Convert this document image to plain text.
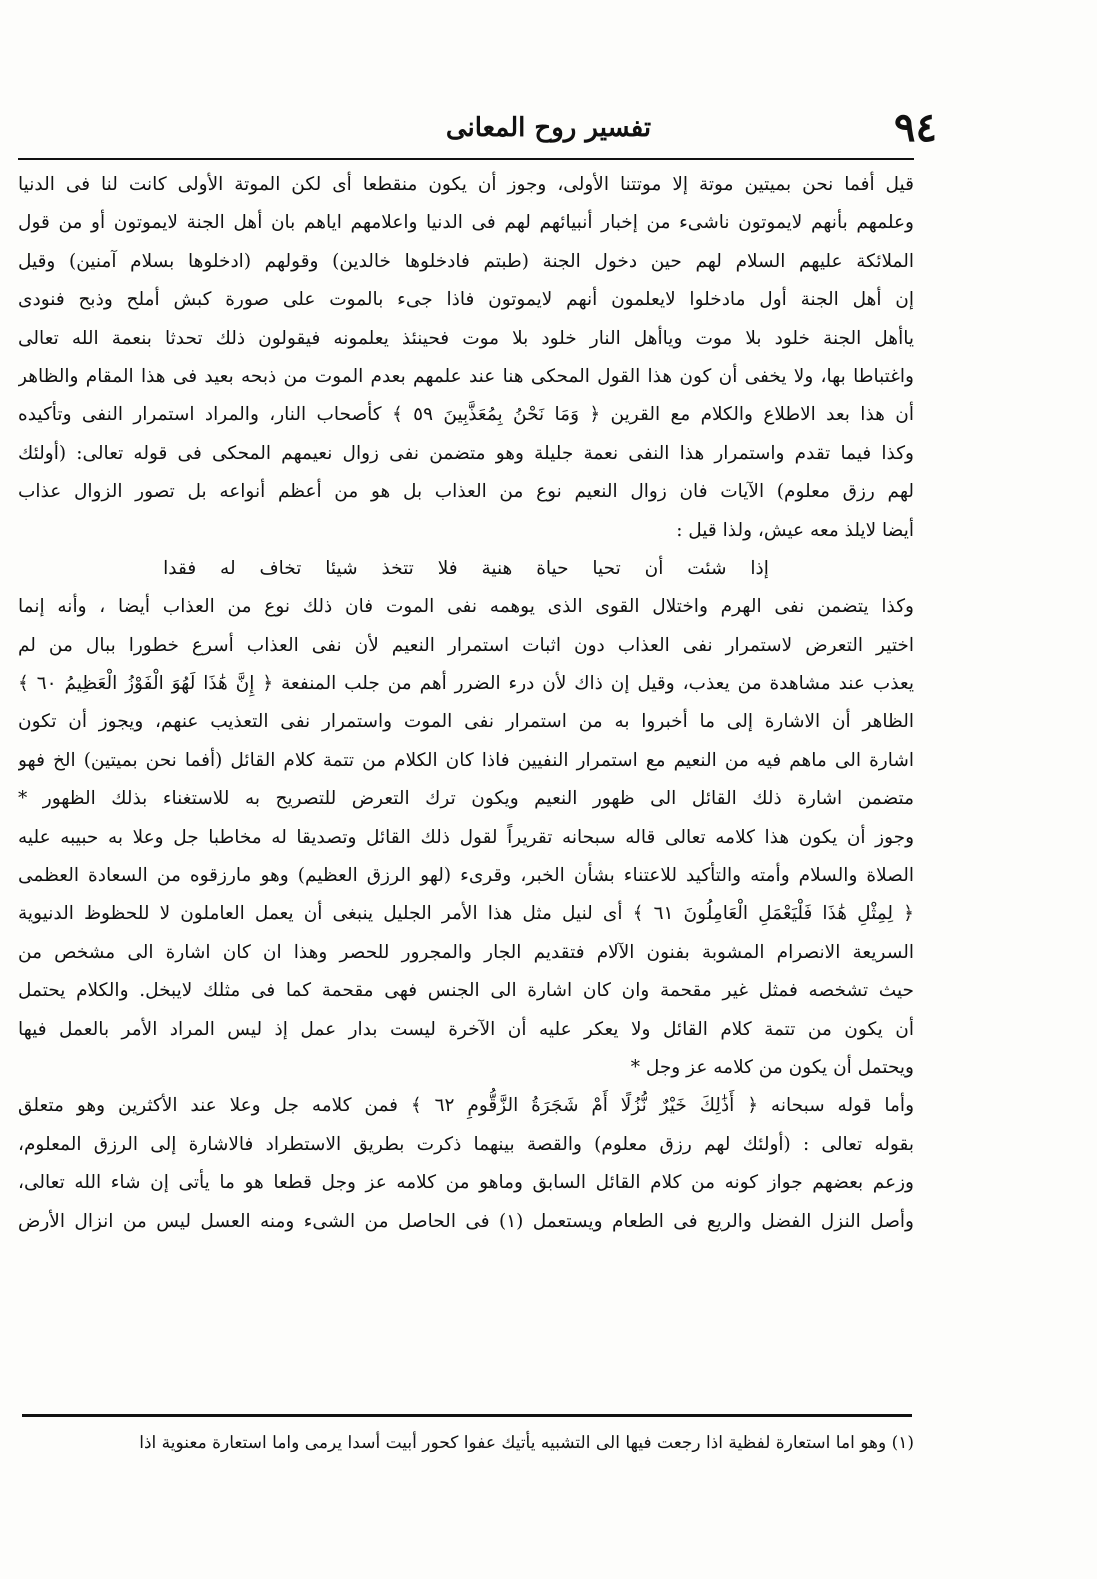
٩٤
تفسير روح المعانى
قيل أفما نحن بميتين موتة إلا موتتنا الأولى، وجوز أن يكون منقطعا أى لكن الموتة الأولى كانت لنا فى الدنيا
وعلمهم بأنهم لايموتون ناشىء من إخبار أنبيائهم لهم فى الدنيا واعلامهم اياهم بان أهل الجنة لايموتون أو من قول
الملائكة عليهم السلام لهم حين دخول الجنة (طبتم فادخلوها خالدين) وقولهم (ادخلوها بسلام آمنين) وقيل
إن أهل الجنة أول مادخلوا لايعلمون أنهم لايموتون فاذا جىء بالموت على صورة كبش أملح وذبح فنودى
ياأهل الجنة خلود بلا موت وياأهل النار خلود بلا موت فحينئذ يعلمونه فيقولون ذلك تحدثا بنعمة الله تعالى
واغتباطا بها، ولا يخفى أن كون هذا القول المحكى هنا عند علمهم بعدم الموت من ذبحه بعيد فى هذا المقام والظاهر
أن هذا بعد الاطلاع والكلام مع القرين ﴿ وَمَا نَحْنُ بِمُعَذَّبِينَ ٥٩ ﴾ كأصحاب النار، والمراد استمرار النفى وتأكيده
وكذا فيما تقدم واستمرار هذا النفى نعمة جليلة وهو متضمن نفى زوال نعيمهم المحكى فى قوله تعالى: (أولئك
لهم رزق معلوم) الآيات فان زوال النعيم نوع من العذاب بل هو من أعظم أنواعه بل تصور الزوال عذاب
أيضا لايلذ معه عيش، ولذا قيل :
إذا شئت أن تحيا حياة هنية فلا تتخذ شيئا تخاف له فقدا
وكذا يتضمن نفى الهرم واختلال القوى الذى يوهمه نفى الموت فان ذلك نوع من العذاب أيضا ، وأنه إنما
اختير التعرض لاستمرار نفى العذاب دون اثبات استمرار النعيم لأن نفى العذاب أسرع خطورا ببال من لم
يعذب عند مشاهدة من يعذب، وقيل إن ذاك لأن درء الضرر أهم من جلب المنفعة ﴿ إِنَّ هَٰذَا لَهُوَ الْفَوْزُ الْعَظِيمُ ٦٠ ﴾
الظاهر أن الاشارة إلى ما أخبروا به من استمرار نفى الموت واستمرار نفى التعذيب عنهم، ويجوز أن تكون
اشارة الى ماهم فيه من النعيم مع استمرار النفيين فاذا كان الكلام من تتمة كلام القائل (أفما نحن بميتين) الخ فهو
متضمن اشارة ذلك القائل الى ظهور النعيم ويكون ترك التعرض للتصريح به للاستغناء بذلك الظهور *
وجوز أن يكون هذا كلامه تعالى قاله سبحانه تقريراً لقول ذلك القائل وتصديقا له مخاطبا جل وعلا به حبيبه عليه
الصلاة والسلام وأمته والتأكيد للاعتناء بشأن الخبر، وقرىء (لهو الرزق العظيم) وهو مارزقوه من السعادة العظمى
﴿ لِمِثْلِ هَٰذَا فَلْيَعْمَلِ الْعَامِلُونَ ٦١ ﴾ أى لنيل مثل هذا الأمر الجليل ينبغى أن يعمل العاملون لا للحظوظ الدنيوية
السريعة الانصرام المشوبة بفنون الآلام فتقديم الجار والمجرور للحصر وهذا ان كان اشارة الى مشخص من
حيث تشخصه فمثل غير مقحمة وان كان اشارة الى الجنس فهى مقحمة كما فى مثلك لايبخل. والكلام يحتمل
أن يكون من تتمة كلام القائل ولا يعكر عليه أن الآخرة ليست بدار عمل إذ ليس المراد الأمر بالعمل فيها
ويحتمل أن يكون من كلامه عز وجل *
وأما قوله سبحانه ﴿ أَذَٰلِكَ خَيْرٌ نُّزُلًا أَمْ شَجَرَةُ الزَّقُّومِ ٦٢ ﴾ فمن كلامه جل وعلا عند الأكثرين وهو متعلق
بقوله تعالى : (أولئك لهم رزق معلوم) والقصة بينهما ذكرت بطريق الاستطراد فالاشارة إلى الرزق المعلوم،
وزعم بعضهم جواز كونه من كلام القائل السابق وماهو من كلامه عز وجل قطعا هو ما يأتى إن شاء الله تعالى،
وأصل النزل الفضل والريع فى الطعام ويستعمل (١) فى الحاصل من الشىء ومنه العسل ليس من انزال الأرض
(١) وهو اما استعارة لفظية اذا رجعت فيها الى التشبيه يأتيك عفوا كحور أبيت أسدا يرمى واما استعارة معنوية اذا
